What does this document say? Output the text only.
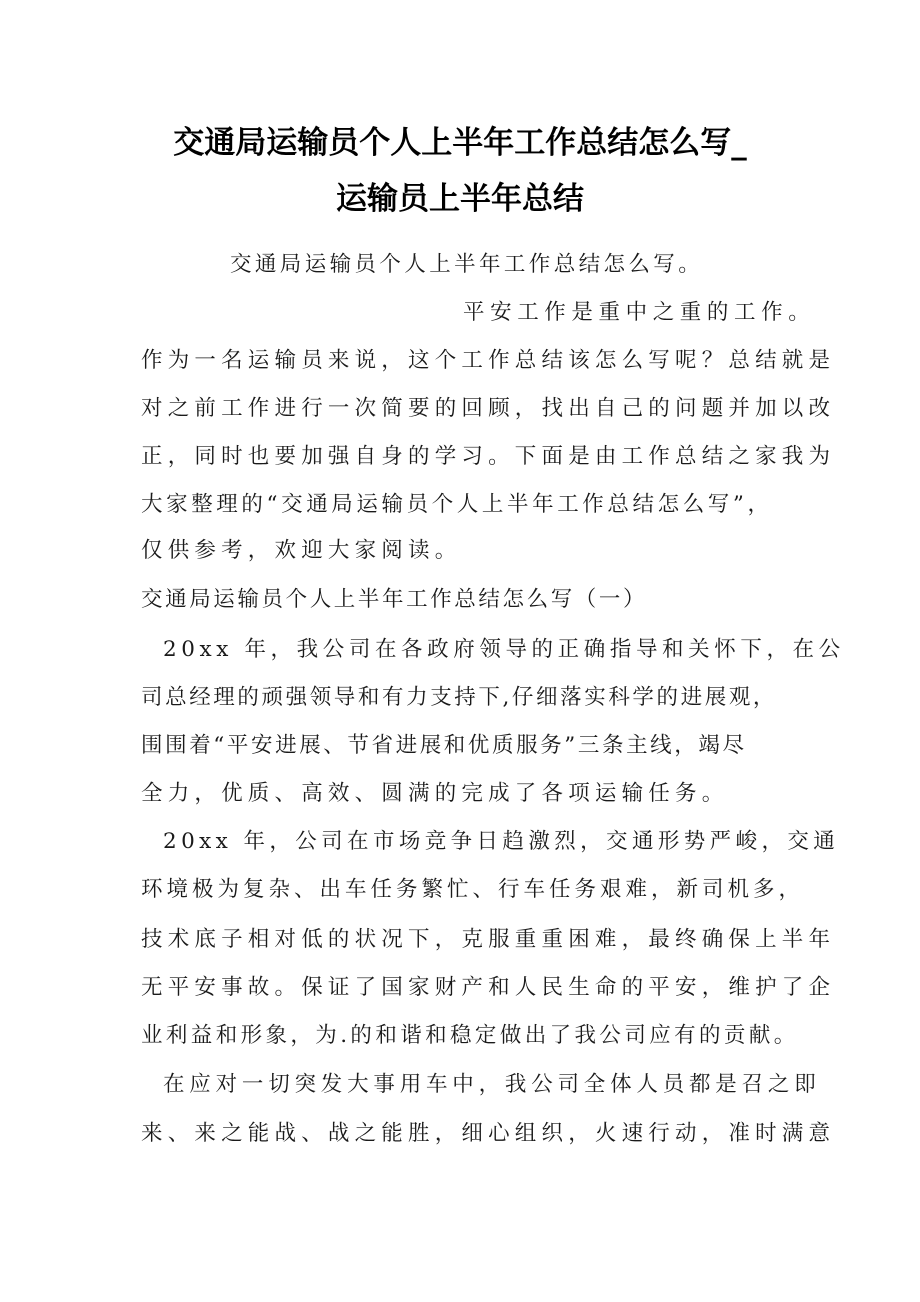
交通局运输员个人上半年工作总结怎么写_
运输员上半年总结
交通局运输员个人上半年工作总结怎么写。
平安工作是重中之重的工作。
作为一名运输员来说，这个工作总结该怎么写呢？总结就是
对之前工作进行一次简要的回顾，找出自己的问题并加以改
正，同时也要加强自身的学习。下面是由工作总结之家我为
大家整理的“交通局运输员个人上半年工作总结怎么写”，
仅供参考，欢迎大家阅读。
交通局运输员个人上半年工作总结怎么写（一）
20xx 年，我公司在各政府领导的正确指导和关怀下，在公
司总经理的顽强领导和有力支持下,仔细落实科学的进展观，
围围着“平安进展、节省进展和优质服务”三条主线，竭尽
全力，优质、高效、圆满的完成了各项运输任务。
20xx 年，公司在市场竞争日趋激烈，交通形势严峻，交通
环境极为复杂、出车任务繁忙、行车任务艰难，新司机多，
技术底子相对低的状况下，克服重重困难，最终确保上半年
无平安事故。保证了国家财产和人民生命的平安，维护了企
业利益和形象，为.的和谐和稳定做出了我公司应有的贡献。
在应对一切突发大事用车中，我公司全体人员都是召之即
来、来之能战、战之能胜，细心组织，火速行动，准时满意
